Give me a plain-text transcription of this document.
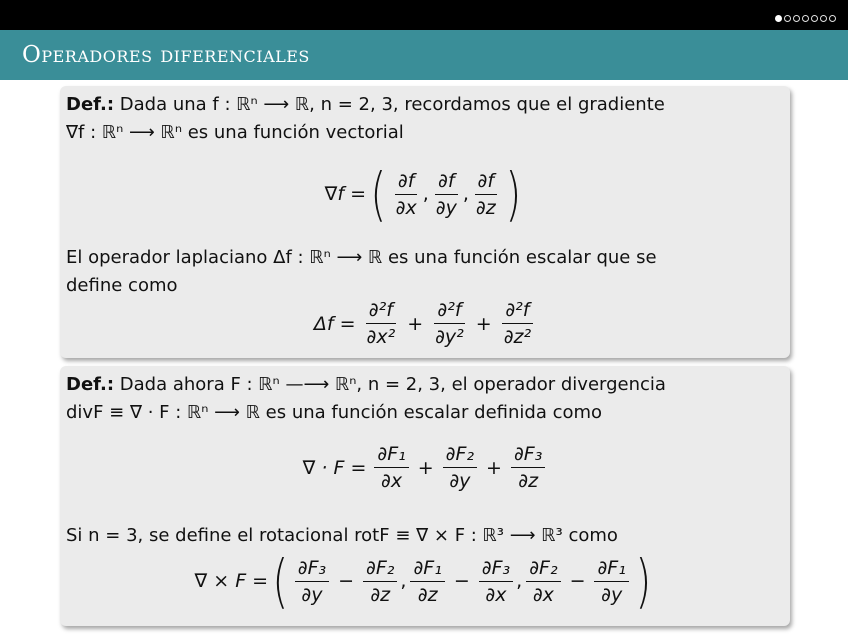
Operadores diferenciales
Def.: Dada una f : ℝⁿ ⟶ ℝ, n = 2, 3, recordamos que el gradiente
∇f : ℝⁿ ⟶ ℝⁿ es una función vectorial
∇f = ( $\frac{\partial f}{\partial x}$ , $\frac{\partial f}{\partial y}$ , $\frac{\partial f}{\partial z}$ )
El operador laplaciano Δf : ℝⁿ ⟶ ℝ es una función escalar que se
define como
$\Delta f = \frac{\text{∂²f}}{\text{∂x²}} + \frac{\text{∂²f}}{\text{∂y²}} + \frac{\text{∂²f}}{\text{∂z²}}$
Def.: Dada ahora F : ℝⁿ —⟶ ℝⁿ, n = 2, 3, el operador divergencia
divF ≡ ∇ · F : ℝⁿ ⟶ ℝ es una función escalar definida como
∇ · $F = \frac{\text{∂F₁}}{\partial x} + \frac{\text{∂F₂}}{\partial y} + \frac{\text{∂F₃}}{\partial z}$
Si n = 3, se define el rotacional rotF ≡ ∇ × F : ℝ³ ⟶ ℝ³ como
∇ × F = ( $\frac{\text{∂F₃}}{\partial y} - \frac{\text{∂F₂}}{\partial z}$ , $\frac{\text{∂F₁}}{\partial z} - \frac{\text{∂F₃}}{\partial x}$ , $\frac{\text{∂F₂}}{\partial x} - \frac{\text{∂F₁}}{\partial y}$ )
